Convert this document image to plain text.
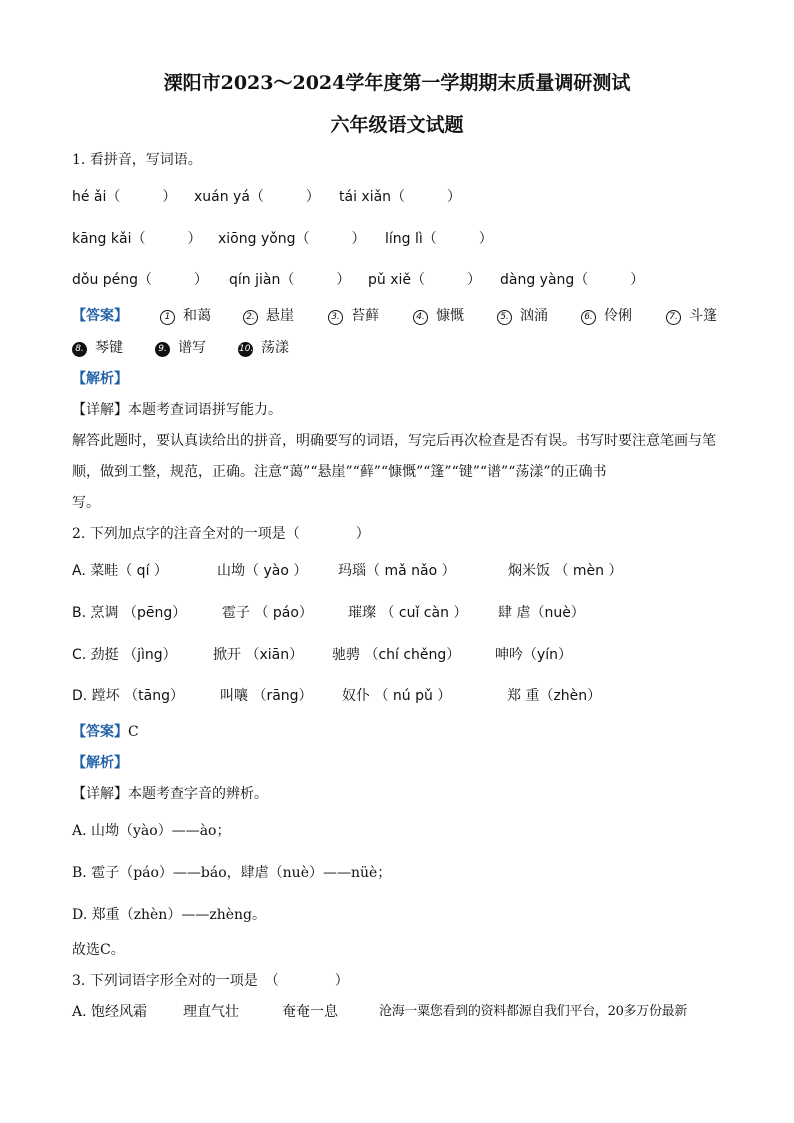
溧阳市2023～2024学年度第一学期期末质量调研测试
六年级语文试题
1. 看拼音，写词语。
hé ǎi（　　　） xuán yá（　　　） tái xiǎn（　　　）
kāng kǎi（　　　） xiōng yǒng（　　　） líng lì（　　　）
dǒu péng（　　　） qín jiàn（　　　） pǔ xiě（　　　） dàng yàng（　　　）
【答案】	1 和蔼	2. 悬崖	3. 苔藓	4. 慷慨	5. 汹涌	6. 伶俐	7. 斗篷
8. 琴键	9. 谱写	10. 荡漾
【解析】
【详解】本题考查词语拼写能力。
解答此题时，要认真读给出的拼音，明确要写的词语，写完后再次检查是否有误。书写时要注意笔画与笔
顺，做到工整，规范，正确。注意“蔼”“悬崖”“藓”“慷慨”“篷”“键”“谱”“荡漾”的正确书
写。
2. 下列加点字的注音全对的一项是（　　　　）
A. 菜畦（ qí ）	山坳（ yào ） 玛瑙（ mǎ nǎo ）	焖米饭 （ mèn ）
B. 烹调 （pēng）	雹子 （ páo）	璀璨 （ cuǐ càn ） 肆 虐（nuè）
C. 劲挺 （jìng）	掀开 （xiān） 驰骋 （chí chěng） 呻吟（yín）
D. 蹚坏 （tāng）	叫嚷 （rāng） 奴仆 （ nú pǔ ）	郑 重（zhèn）
【答案】C
【解析】
【详解】本题考查字音的辨析。
A. 山坳（yào）——ào；
B. 雹子（páo）——báo，肆虐（nuè）——nüè；
D. 郑重（zhèn）——zhèng。
故选C。
3. 下列词语字形全对的一项是　（　　　　）
A. 饱经风霜	理直气壮	奄奄一息	沧海一粟您看到的资料都源自我们平台，20多万份最新
